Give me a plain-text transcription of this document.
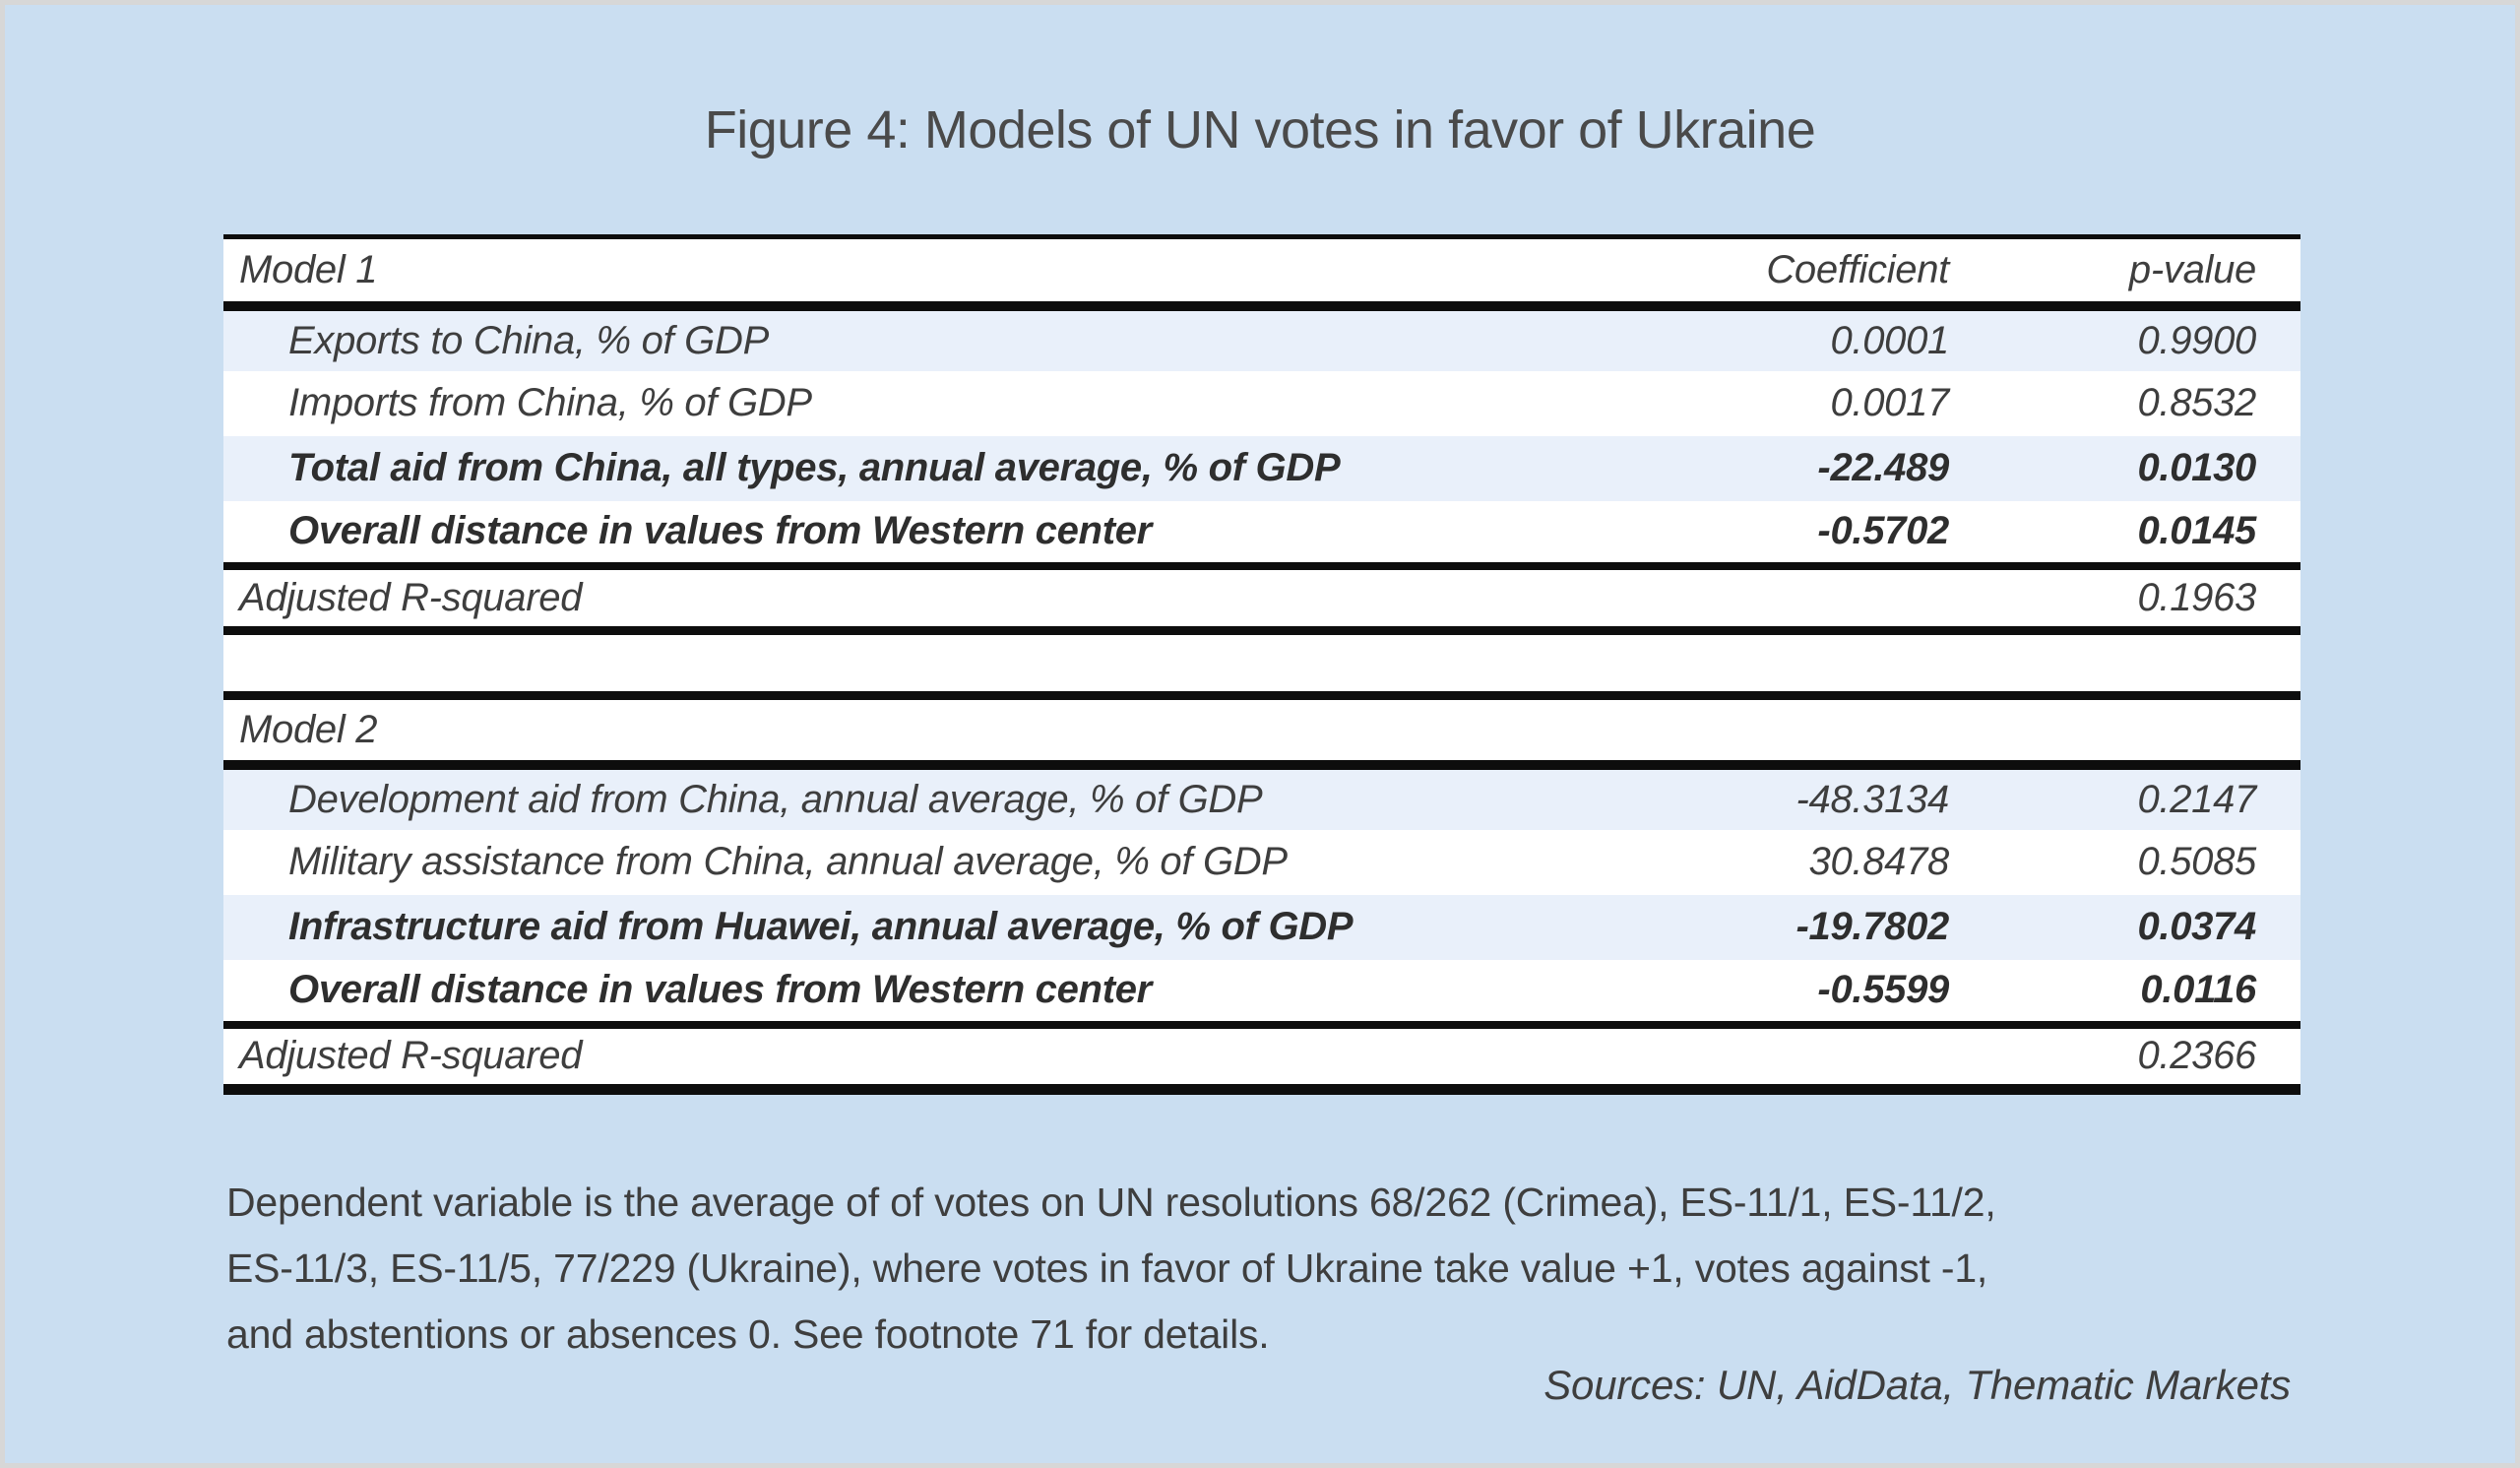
Figure 4: Models of UN votes in favor of Ukraine
Model 1	Coefficient	p-value
Exports to China, % of GDP	0.0001	0.9900
Imports from China, % of GDP	0.0017	0.8532
Total aid from China, all types, annual average, % of GDP	-22.489	0.0130
Overall distance in values from Western center	-0.5702	0.0145
Adjusted R-squared		0.1963

Model 2		
Development aid from China, annual average, % of GDP	-48.3134	0.2147
Military assistance from China, annual average, % of GDP	30.8478	0.5085
Infrastructure aid from Huawei, annual average, % of GDP	-19.7802	0.0374
Overall distance in values from Western center	-0.5599	0.0116
Adjusted R-squared		0.2366
Dependent variable is the average of of votes on UN resolutions 68/262 (Crimea), ES-11/1, ES-11/2,
ES-11/3, ES-11/5, 77/229 (Ukraine), where votes in favor of Ukraine take value +1, votes against -1,
and abstentions or absences 0. See footnote 71 for details.
Sources: UN, AidData, Thematic Markets
